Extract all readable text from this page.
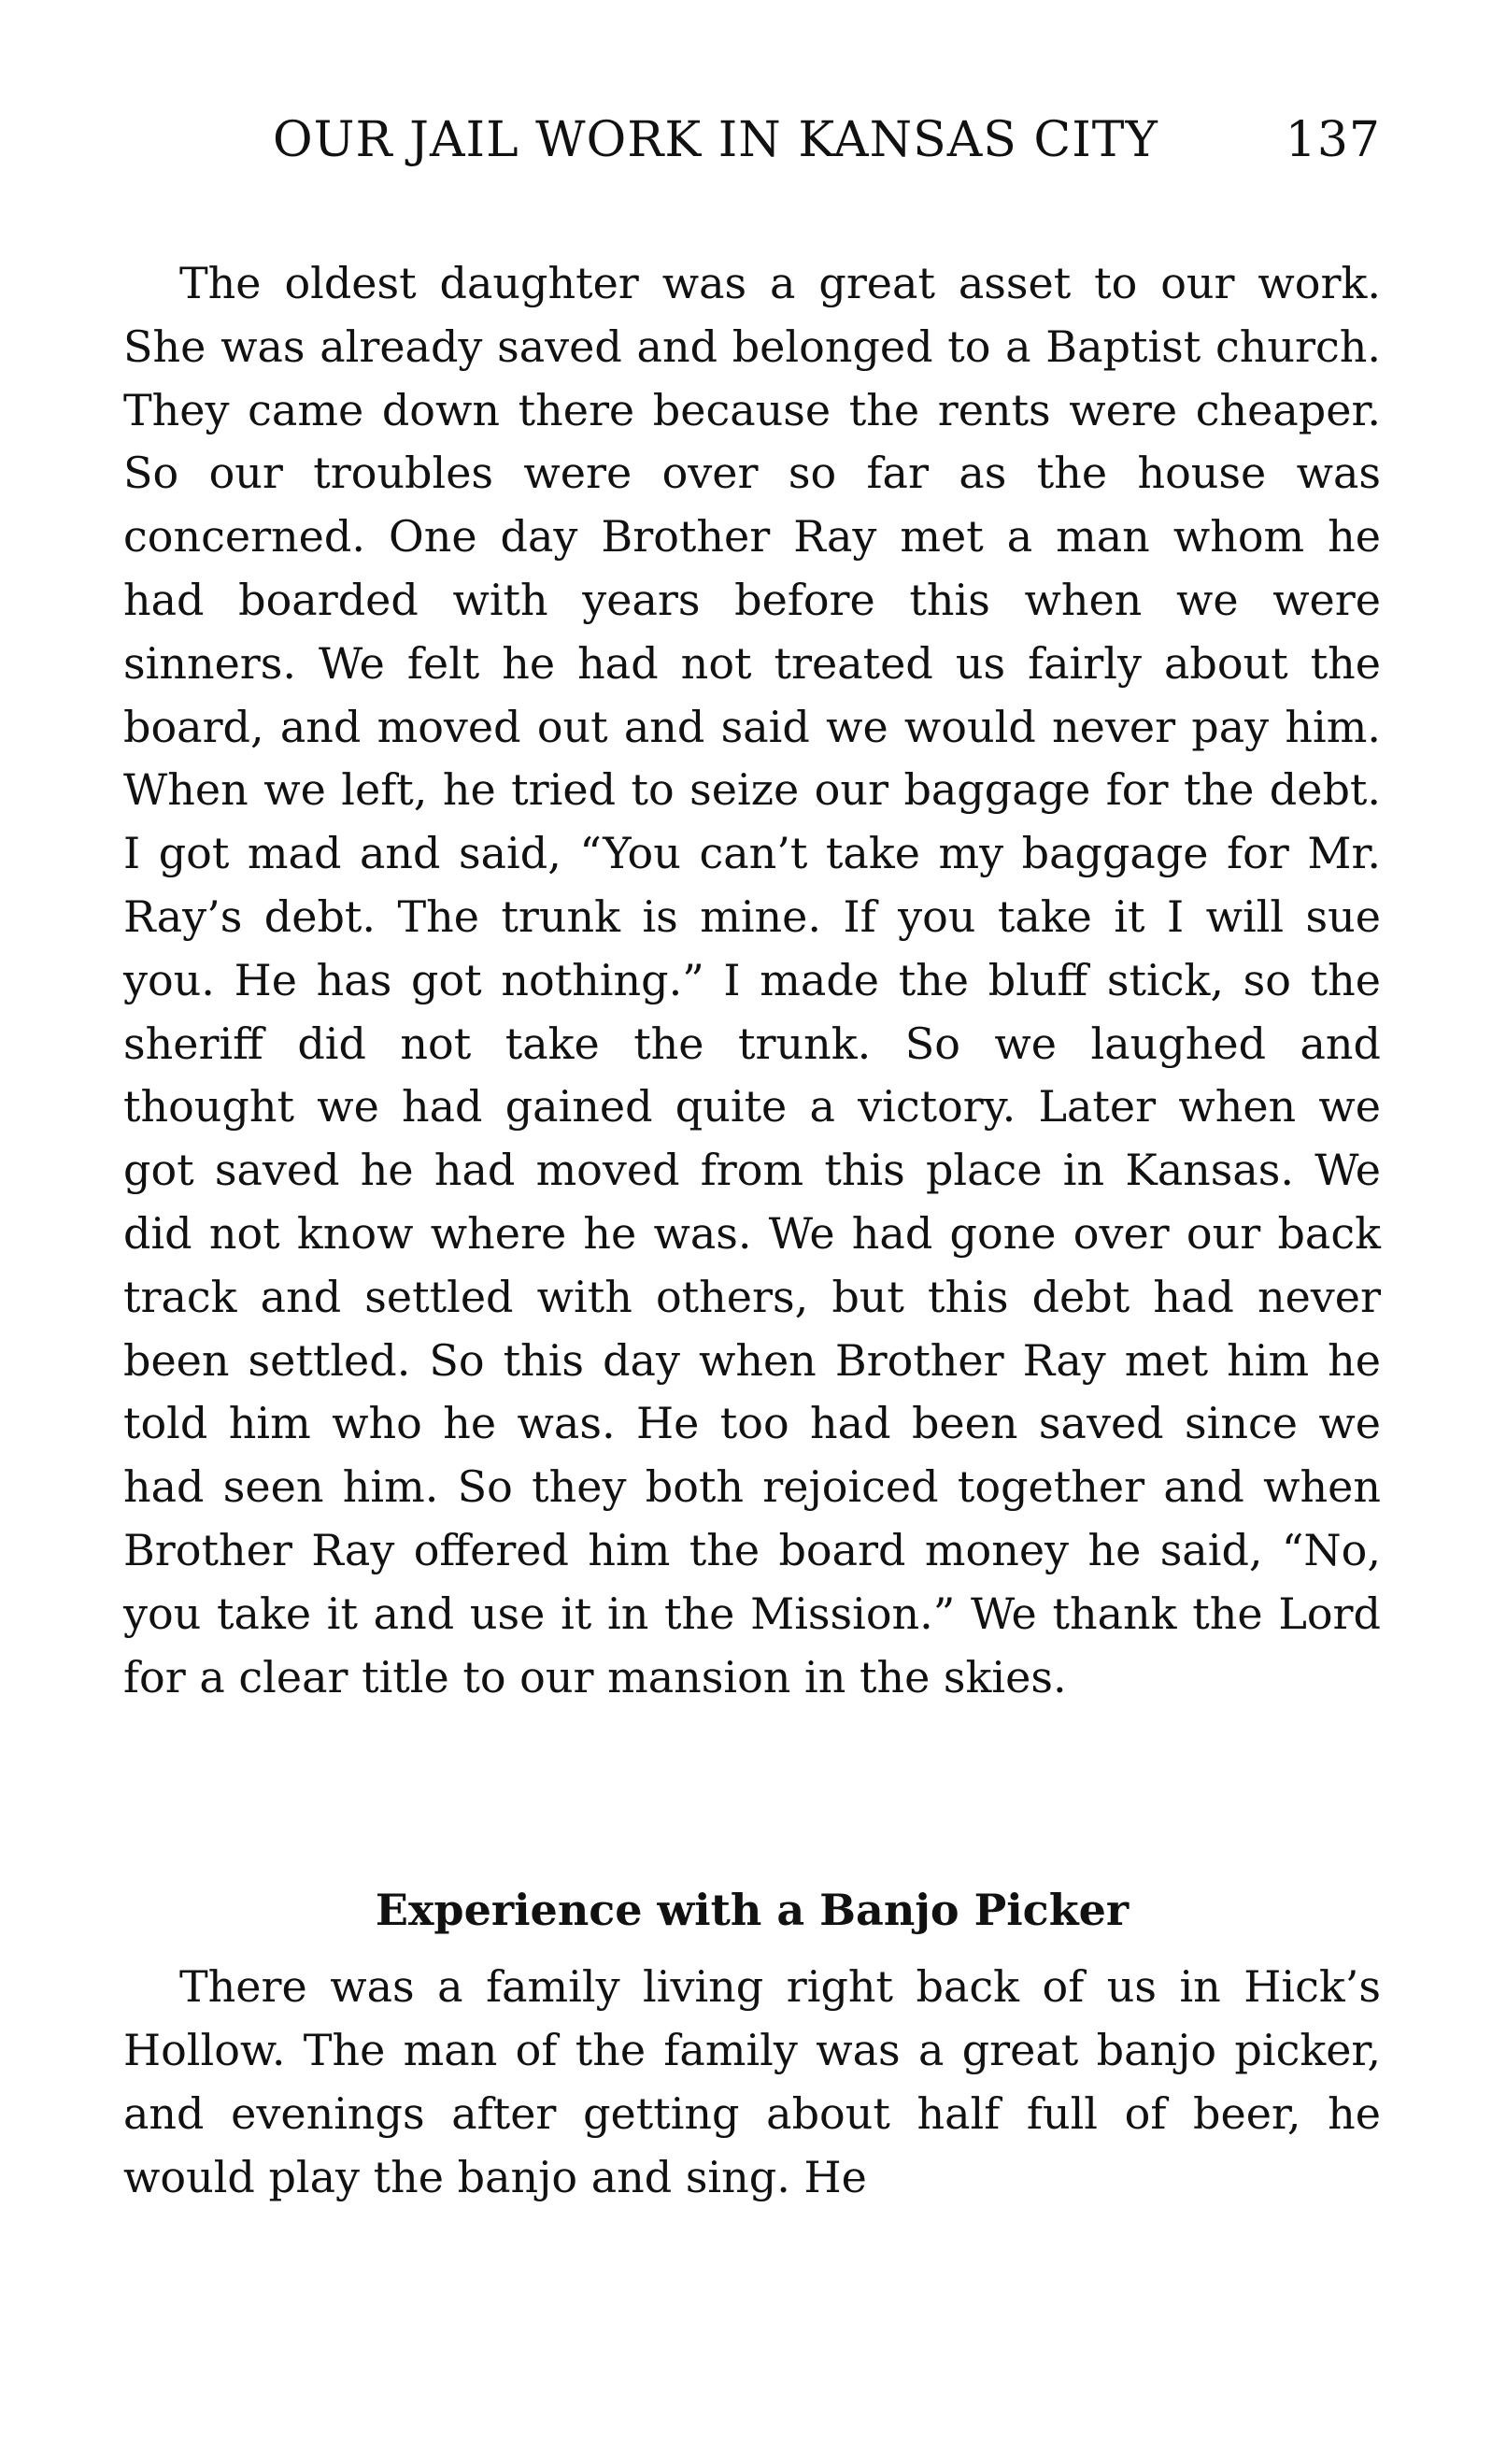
OUR JAIL WORK IN KANSAS CITY	137

The oldest daughter was a great asset to our work. She was already saved and belonged to a Baptist church. They came down there because the rents were cheaper. So our troubles were over so far as the house was concerned. One day Brother Ray met a man whom he had boarded with years before this when we were sinners. We felt he had not treated us fairly about the board, and moved out and said we would never pay him. When we left, he tried to seize our baggage for the debt. I got mad and said, “You can’t take my baggage for Mr. Ray’s debt. The trunk is mine. If you take it I will sue you. He has got nothing.” I made the bluff stick, so the sheriff did not take the trunk. So we laughed and thought we had gained quite a victory. Later when we got saved he had moved from this place in Kansas. We did not know where he was. We had gone over our back track and settled with others, but this debt had never been settled. So this day when Brother Ray met him he told him who he was. He too had been saved since we had seen him. So they both rejoiced together and when Brother Ray offered him the board money he said, “No, you take it and use it in the Mission.” We thank the Lord for a clear title to our mansion in the skies.

Experience with a Banjo Picker

There was a family living right back of us in Hick’s Hollow. The man of the family was a great banjo picker, and evenings after getting about half full of beer, he would play the banjo and sing. He
